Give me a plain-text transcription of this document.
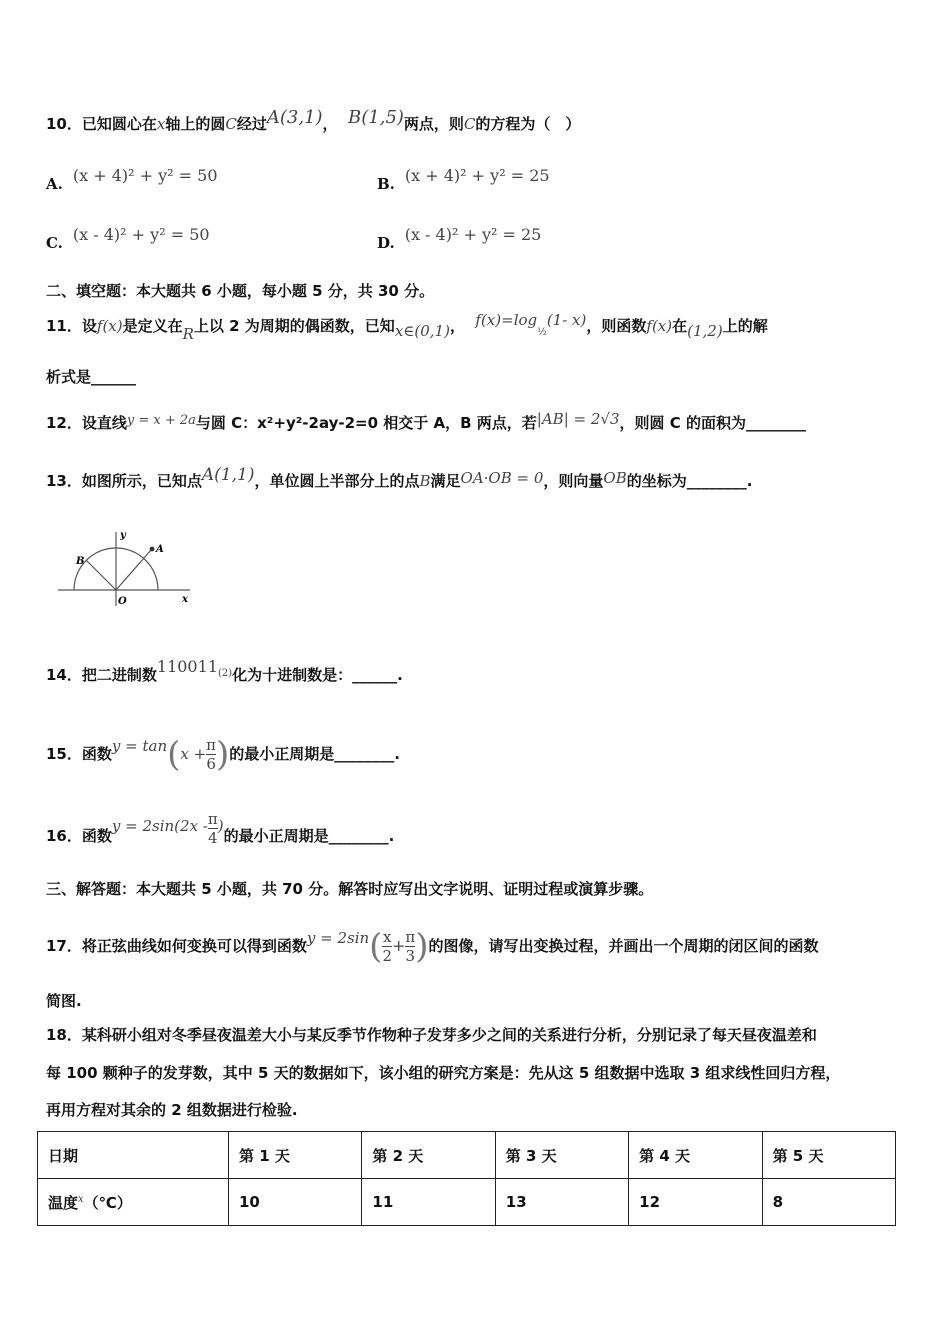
10．已知圆心在x轴上的圆C经过A(3,1)， B(1,5)两点，则C的方程为（　）
A. (x + 4)² + y² = 50	B. (x + 4)² + y² = 25
C. (x - 4)² + y² = 50	D. (x - 4)² + y² = 25
二、填空题：本大题共 6 小题，每小题 5 分，共 30 分。
11．设f(x)是定义在R上以 2 为周期的偶函数，已知x∈(0,1)， $f(x)=\log_{\frac{1}{2}}(1-$ x)，则函数f(x)在(1,2)上的解
析式是______
12．设直线y = x + 2a与圆 C：x²+y²-2ay-2=0 相交于 A，B 两点，若|AB| = 2√3，则圆 C 的面积为________
13．如图所示，已知点A(1,1)，单位圆上半部分上的点B满足OA·OB = 0，则向量OB的坐标为________.
y
x
O
A
B
14．把二进制数110011$^{(2)}$化为十进制数是：______.
15．函数$y = \tan(x + \frac{\pi}{6}$ )的最小正周期是________.
16．函数$y = 2\sin(2x - \frac{\pi}{4}$ )的最小正周期是________.
三、解答题：本大题共 5 小题，共 70 分。解答时应写出文字说明、证明过程或演算步骤。
17．将正弦曲线如何变换可以得到函数$y = 2\sin( \frac{x}{2} + \frac{\pi}{3}$ )的图像，请写出变换过程，并画出一个周期的闭区间的函数
简图.
18．某科研小组对冬季昼夜温差大小与某反季节作物种子发芽多少之间的关系进行分析，分别记录了每天昼夜温差和
每 100 颗种子的发芽数，其中 5 天的数据如下，该小组的研究方案是：先从这 5 组数据中选取 3 组求线性回归方程，
再用方程对其余的 2 组数据进行检验.
日期	第 1 天	第 2 天	第 3 天	第 4 天	第 5 天
温度$^x$（℃）	10	11	13	12	8
